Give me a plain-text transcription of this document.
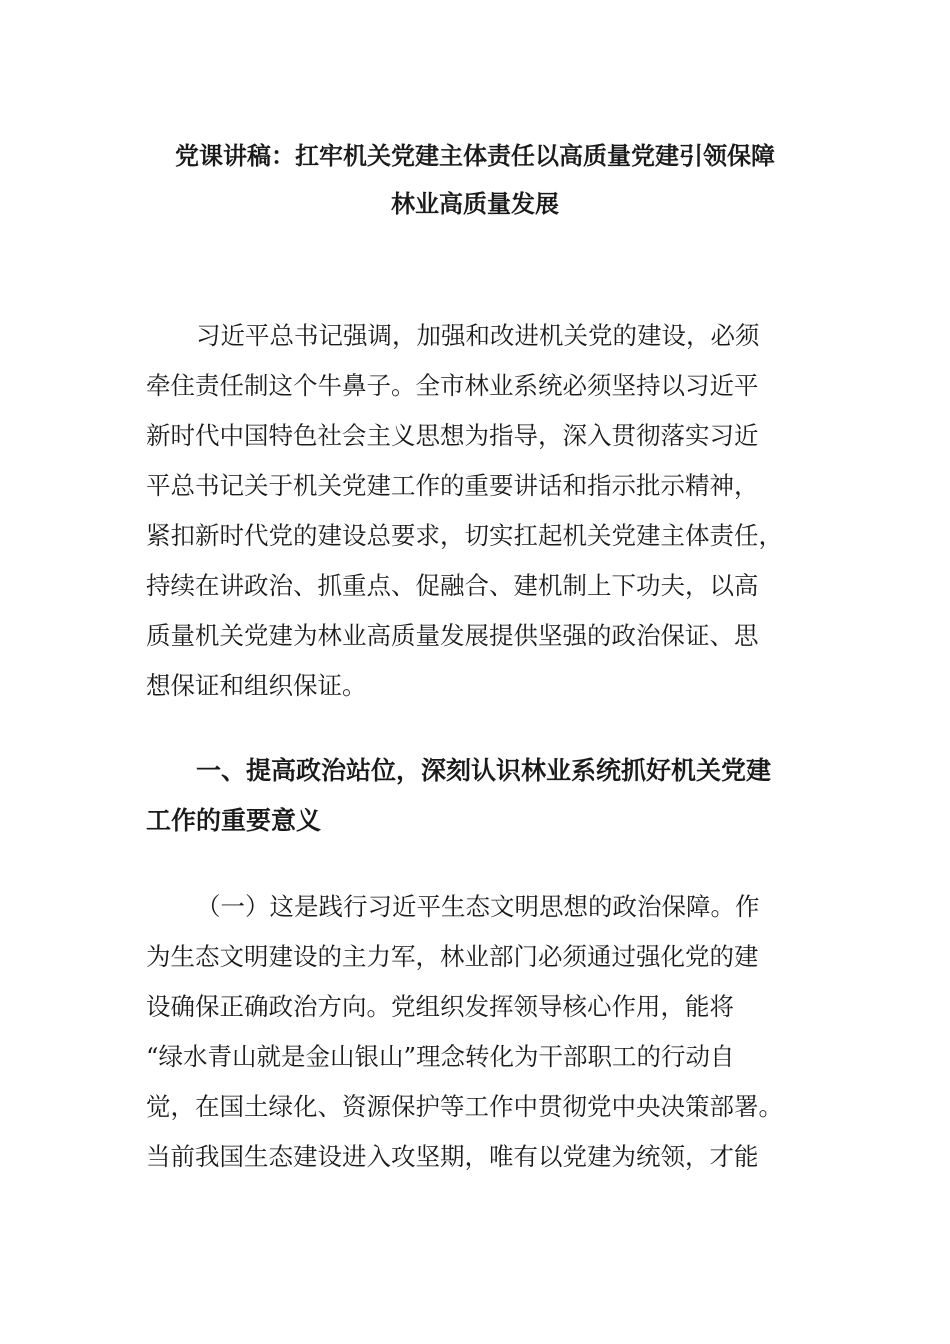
党课讲稿：扛牢机关党建主体责任以高质量党建引领保障
林业高质量发展
习近平总书记强调，加强和改进机关党的建设，必须
牵住责任制这个牛鼻子。全市林业系统必须坚持以习近平
新时代中国特色社会主义思想为指导，深入贯彻落实习近
平总书记关于机关党建工作的重要讲话和指示批示精神，
紧扣新时代党的建设总要求，切实扛起机关党建主体责任，
持续在讲政治、抓重点、促融合、建机制上下功夫，以高
质量机关党建为林业高质量发展提供坚强的政治保证、思
想保证和组织保证。
一、提高政治站位，深刻认识林业系统抓好机关党建
工作的重要意义
（一）这是践行习近平生态文明思想的政治保障。作
为生态文明建设的主力军，林业部门必须通过强化党的建
设确保正确政治方向。党组织发挥领导核心作用，能将
“绿水青山就是金山银山”理念转化为干部职工的行动自
觉，在国土绿化、资源保护等工作中贯彻党中央决策部署。
当前我国生态建设进入攻坚期，唯有以党建为统领，才能
